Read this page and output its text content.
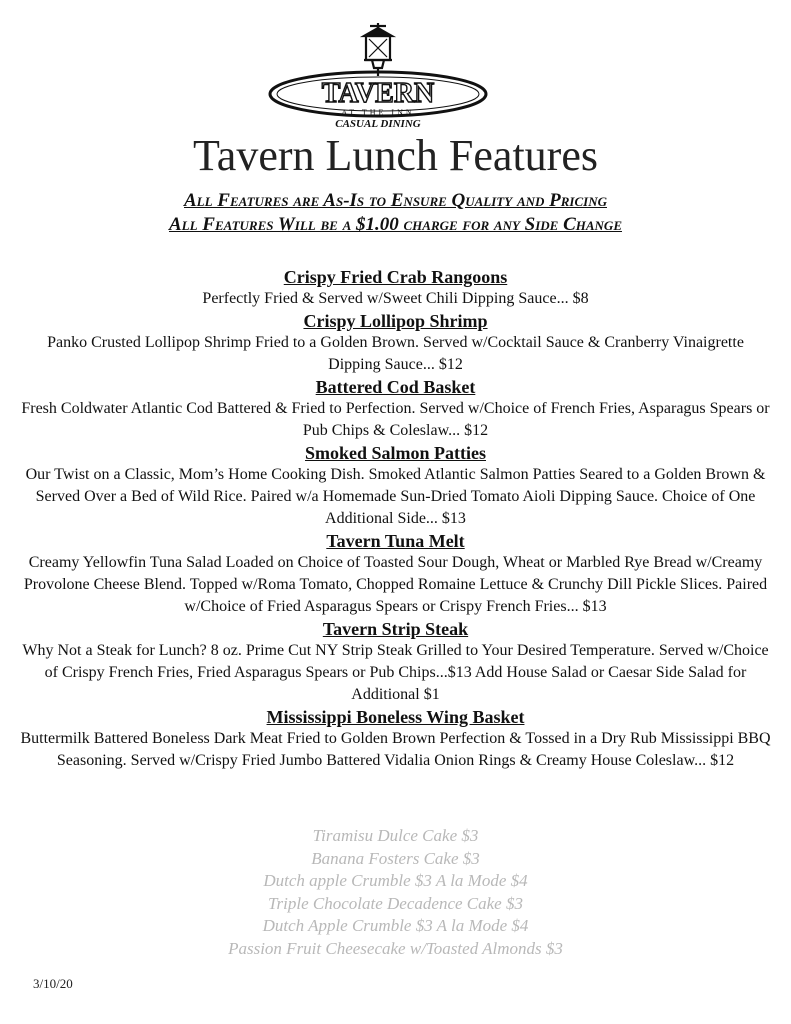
TAVERN
AT THE INN
CASUAL DINING
Tavern Lunch Features
All Features are As-Is to Ensure Quality and Pricing
All Features Will be a $1.00 charge for any Side Change
Crispy Fried Crab Rangoons
Perfectly Fried & Served w/Sweet Chili Dipping Sauce... $8
Crispy Lollipop Shrimp
Panko Crusted Lollipop Shrimp Fried to a Golden Brown. Served w/Cocktail Sauce & Cranberry Vinaigrette Dipping Sauce... $12
Battered Cod Basket
Fresh Coldwater Atlantic Cod Battered & Fried to Perfection. Served w/Choice of French Fries, Asparagus Spears or Pub Chips & Coleslaw... $12
Smoked Salmon Patties
Our Twist on a Classic, Mom’s Home Cooking Dish. Smoked Atlantic Salmon Patties Seared to a Golden Brown & Served Over a Bed of Wild Rice. Paired w/a Homemade Sun-Dried Tomato Aioli Dipping Sauce. Choice of One Additional Side... $13
Tavern Tuna Melt
Creamy Yellowfin Tuna Salad Loaded on Choice of Toasted Sour Dough, Wheat or Marbled Rye Bread w/Creamy Provolone Cheese Blend. Topped w/Roma Tomato, Chopped Romaine Lettuce & Crunchy Dill Pickle Slices. Paired w/Choice of Fried Asparagus Spears or Crispy French Fries... $13
Tavern Strip Steak
Why Not a Steak for Lunch? 8 oz. Prime Cut NY Strip Steak Grilled to Your Desired Temperature. Served w/Choice of Crispy French Fries, Fried Asparagus Spears or Pub Chips...$13 Add House Salad or Caesar Side Salad for Additional $1
Mississippi Boneless Wing Basket
Buttermilk Battered Boneless Dark Meat Fried to Golden Brown Perfection & Tossed in a Dry Rub Mississippi BBQ Seasoning. Served w/Crispy Fried Jumbo Battered Vidalia Onion Rings & Creamy House Coleslaw... $12
Tiramisu Dulce Cake $3
Banana Fosters Cake $3
Dutch apple Crumble $3 A la Mode $4
Triple Chocolate Decadence Cake $3
Dutch Apple Crumble $3 A la Mode $4
Passion Fruit Cheesecake w/Toasted Almonds $3
3/10/20
